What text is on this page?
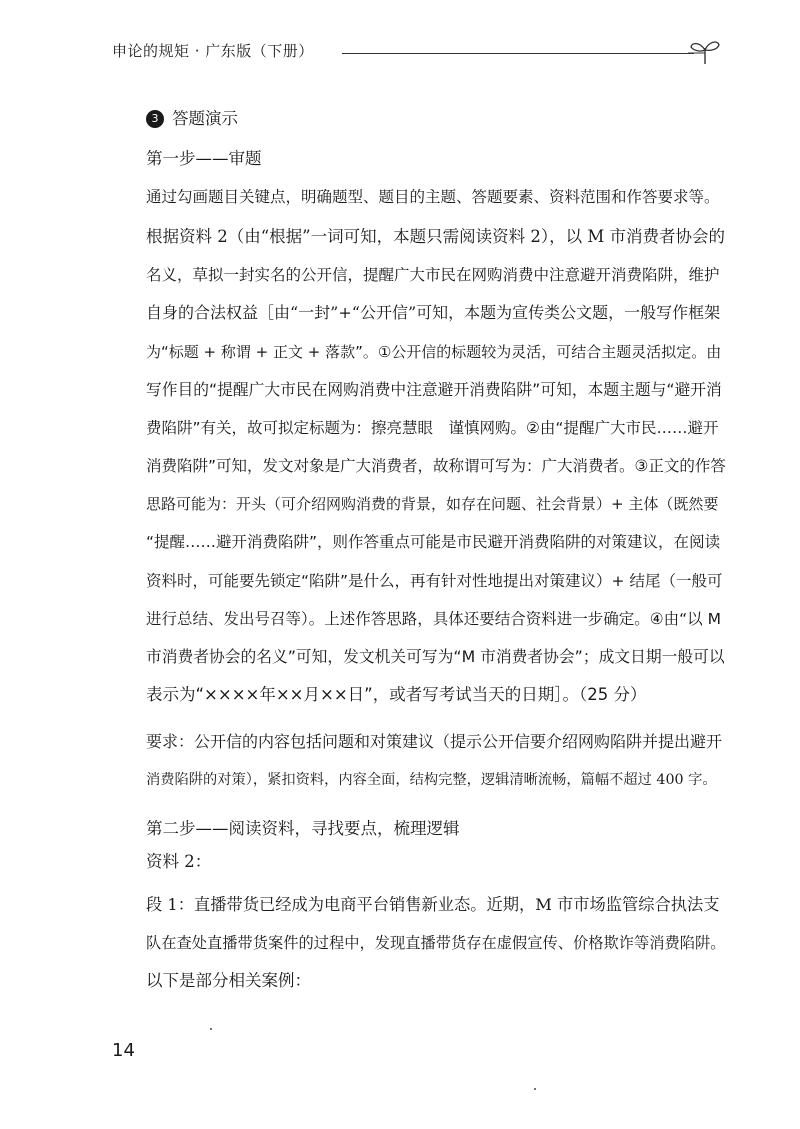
申论的规矩 · 广东版（下册）
3 答题演示
第一步——审题
通过勾画题目关键点，明确题型、题目的主题、答题要素、资料范围和作答要求等。
根据资料 2（由“根据”一词可知，本题只需阅读资料 2），以 M 市消费者协会的
名义，草拟一封实名的公开信，提醒广大市民在网购消费中注意避开消费陷阱，维护
自身的合法权益［由“一封”+“公开信”可知，本题为宣传类公文题，一般写作框架
为“标题 + 称谓 + 正文 + 落款”。①公开信的标题较为灵活，可结合主题灵活拟定。由
写作目的“提醒广大市民在网购消费中注意避开消费陷阱”可知，本题主题与“避开消
费陷阱”有关，故可拟定标题为：擦亮慧眼　谨慎网购。②由“提醒广大市民……避开
消费陷阱”可知，发文对象是广大消费者，故称谓可写为：广大消费者。③正文的作答
思路可能为：开头（可介绍网购消费的背景，如存在问题、社会背景）+ 主体（既然要
“提醒……避开消费陷阱”，则作答重点可能是市民避开消费陷阱的对策建议，在阅读
资料时，可能要先锁定“陷阱”是什么，再有针对性地提出对策建议）+ 结尾（一般可
进行总结、发出号召等）。上述作答思路，具体还要结合资料进一步确定。④由“以 M
市消费者协会的名义”可知，发文机关可写为“M 市消费者协会”；成文日期一般可以
表示为“××××年××月××日”，或者写考试当天的日期］。（25 分）
要求：公开信的内容包括问题和对策建议（提示公开信要介绍网购陷阱并提出避开
消费陷阱的对策），紧扣资料，内容全面，结构完整，逻辑清晰流畅，篇幅不超过 400 字。
第二步——阅读资料，寻找要点，梳理逻辑
资料 2：
段 1：直播带货已经成为电商平台销售新业态。近期，M 市市场监管综合执法支
队在查处直播带货案件的过程中，发现直播带货存在虚假宣传、价格欺诈等消费陷阱。
以下是部分相关案例：
14
